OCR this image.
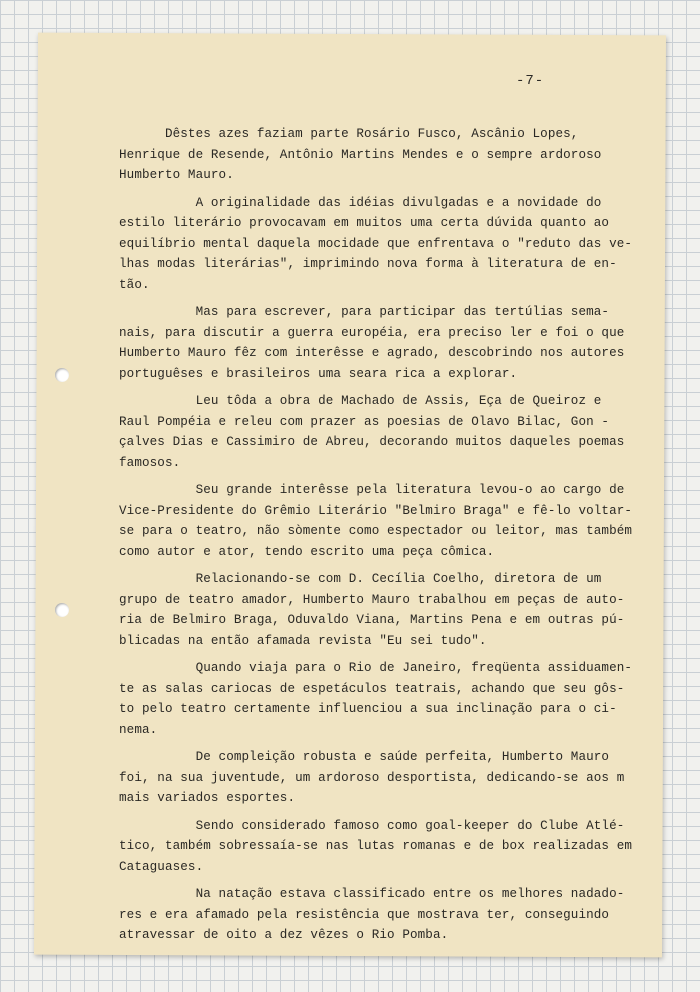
-7-
Dêstes azes faziam parte Rosário Fusco, Ascânio Lopes,
Henrique de Resende, Antônio Martins Mendes e o sempre ardoroso
Humberto Mauro.
A originalidade das idéias divulgadas e a novidade do
estilo literário provocavam em muitos uma certa dúvida quanto ao
equilíbrio mental daquela mocidade que enfrentava o "reduto das ve-
lhas modas literárias", imprimindo nova forma à literatura de en-
tão.
Mas para escrever, para participar das tertúlias sema-
nais, para discutir a guerra européia, era preciso ler e foi o que
Humberto Mauro fêz com interêsse e agrado, descobrindo nos autores
portuguêses e brasileiros uma seara rica a explorar.
Leu tôda a obra de Machado de Assis, Eça de Queiroz e
Raul Pompéia e releu com prazer as poesias de Olavo Bilac, Gon -
çalves Dias e Cassimiro de Abreu, decorando muitos daqueles poemas
famosos.
Seu grande interêsse pela literatura levou-o ao cargo de
Vice-Presidente do Grêmio Literário "Belmiro Braga" e fê-lo voltar-
se para o teatro, não sòmente como espectador ou leitor, mas também
como autor e ator, tendo escrito uma peça cômica.
Relacionando-se com D. Cecília Coelho, diretora de um
grupo de teatro amador, Humberto Mauro trabalhou em peças de auto-
ria de Belmiro Braga, Oduvaldo Viana, Martins Pena e em outras pú-
blicadas na então afamada revista "Eu sei tudo".
Quando viaja para o Rio de Janeiro, freqüenta assiduamen-
te as salas cariocas de espetáculos teatrais, achando que seu gôs-
to pelo teatro certamente influenciou a sua inclinação para o ci-
nema.
De compleição robusta e saúde perfeita, Humberto Mauro
foi, na sua juventude, um ardoroso desportista, dedicando-se aos m
mais variados esportes.
Sendo considerado famoso como goal-keeper do Clube Atlé-
tico, também sobressaía-se nas lutas romanas e de box realizadas em
Cataguases.
Na natação estava classificado entre os melhores nadado-
res e era afamado pela resistência que mostrava ter, conseguindo
atravessar de oito a dez vêzes o Rio Pomba.
